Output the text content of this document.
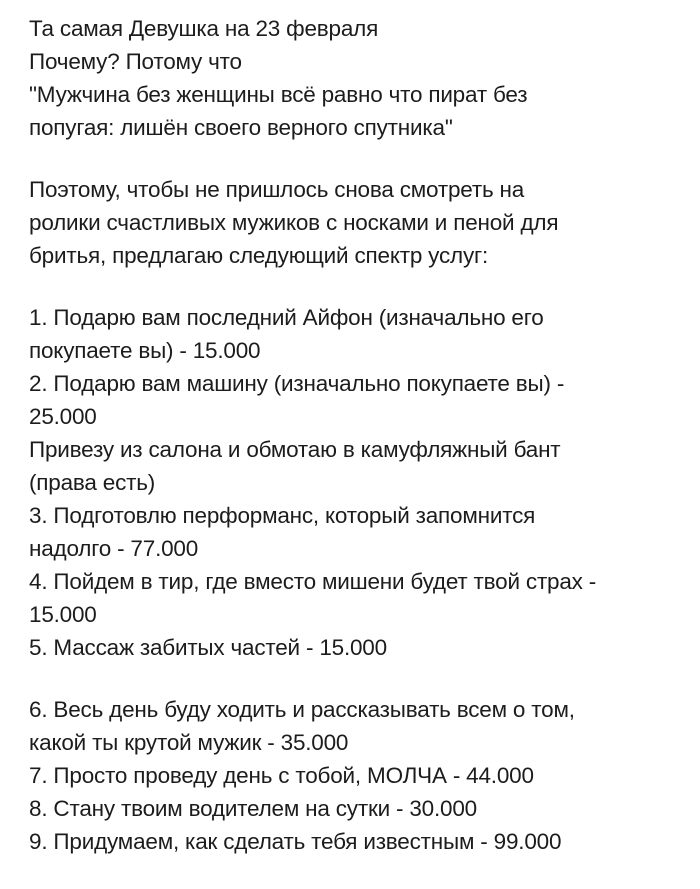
Та самая Девушка на 23 февраля
Почему? Потому что
"Мужчина без женщины всё равно что пират без
попугая: лишён своего верного спутника"
Поэтому, чтобы не пришлось снова смотреть на
ролики счастливых мужиков с носками и пеной для
бритья, предлагаю следующий спектр услуг:
1. Подарю вам последний Айфон (изначально его
покупаете вы) - 15.000
2. Подарю вам машину (изначально покупаете вы) -
25.000
Привезу из салона и обмотаю в камуфляжный бант
(права есть)
3. Подготовлю перформанс, который запомнится
надолго - 77.000
4. Пойдем в тир, где вместо мишени будет твой страх -
15.000
5. Массаж забитых частей - 15.000
6. Весь день буду ходить и рассказывать всем о том,
какой ты крутой мужик - 35.000
7. Просто проведу день с тобой, МОЛЧА - 44.000
8. Стану твоим водителем на сутки - 30.000
9. Придумаем, как сделать тебя известным - 99.000
